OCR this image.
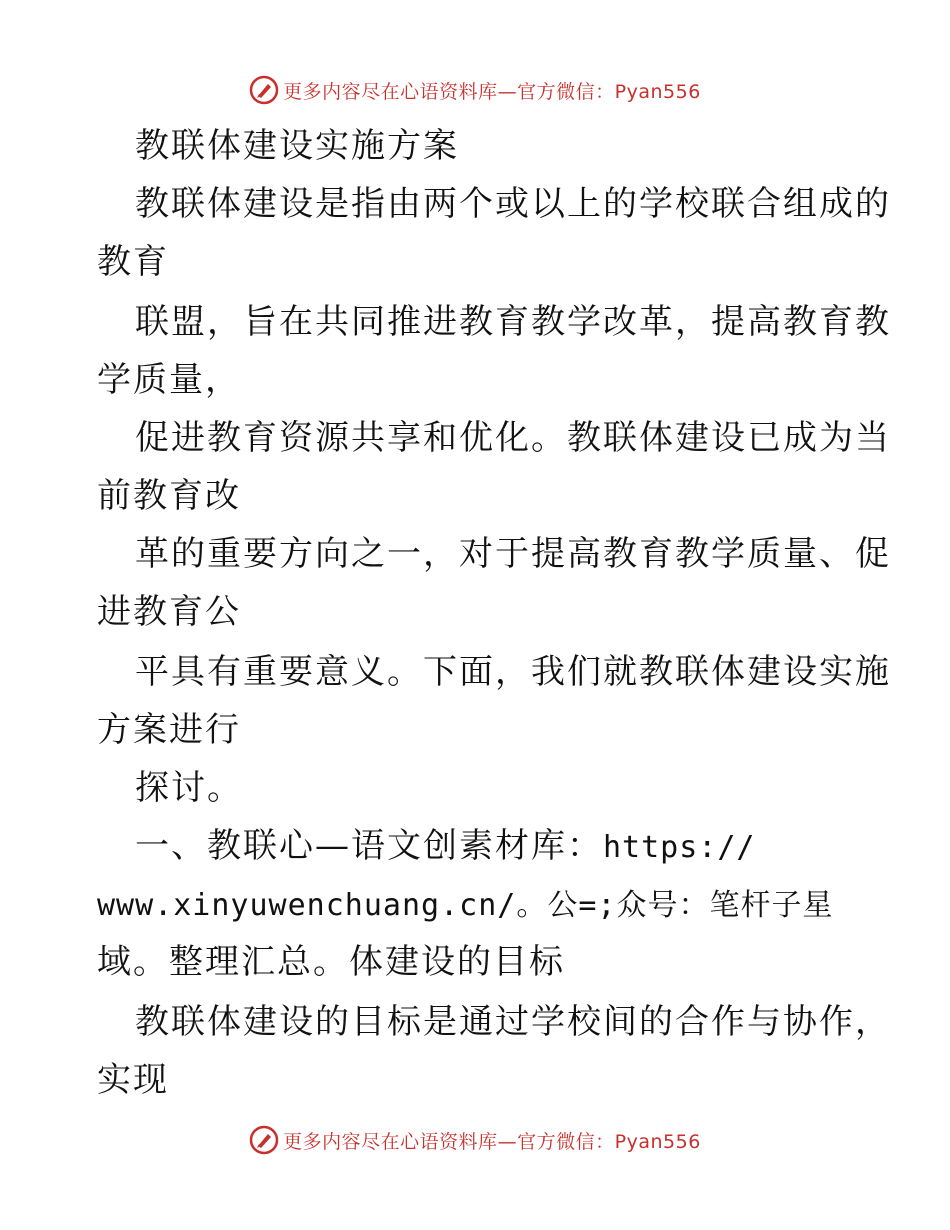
更多内容尽在心语资料库—官方微信：Pyan556
教联体建设实施方案
教联体建设是指由两个或以上的学校联合组成的
教育
联盟，旨在共同推进教育教学改革，提高教育教
学质量，
促进教育资源共享和优化。教联体建设已成为当
前教育改
革的重要方向之一，对于提高教育教学质量、促
进教育公
平具有重要意义。下面，我们就教联体建设实施
方案进行
探讨。
一、教联心—语文创素材库：https://
www.xinyuwenchuang.cn/。公=;众号：笔杆子星
域。整理汇总。体建设的目标
教联体建设的目标是通过学校间的合作与协作，
实现
更多内容尽在心语资料库—官方微信：Pyan556
